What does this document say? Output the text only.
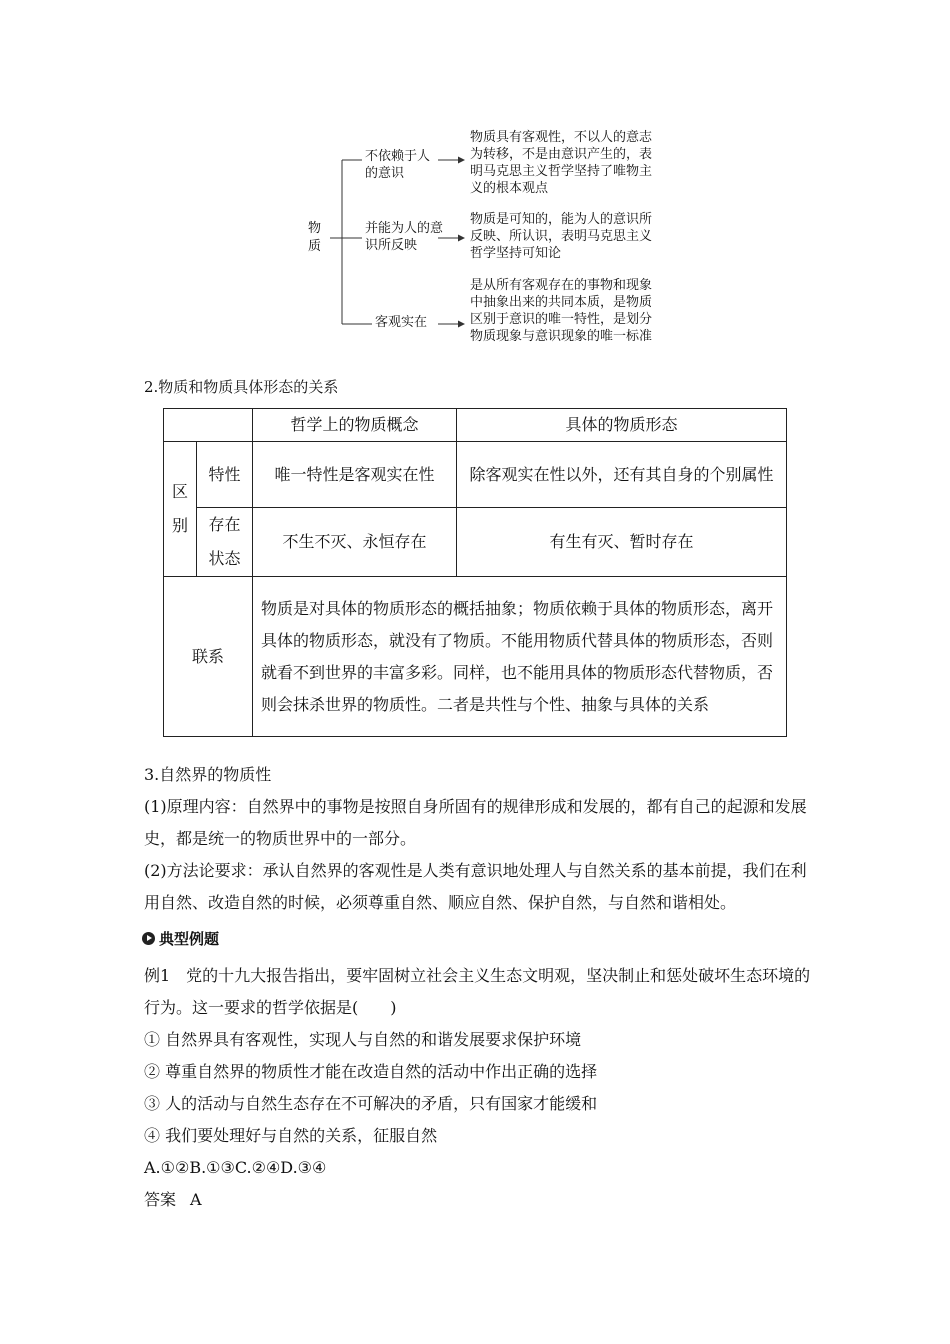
物质
不依赖于人的意识
并能为人的意识所反映
客观实在
物质具有客观性，不以人的意志为转移，不是由意识产生的，表明马克思主义哲学坚持了唯物主义的根本观点
物质是可知的，能为人的意识所反映、所认识，表明马克思主义哲学坚持可知论
是从所有客观存在的事物和现象中抽象出来的共同本质，是物质区别于意识的唯一特性，是划分物质现象与意识现象的唯一标准
2.物质和物质具体形态的关系
		哲学上的物质概念	具体的物质形态
区别	特性	唯一特性是客观实在性	除客观实在性以外，还有其自身的个别属性
	存在状态	不生不灭、永恒存在	有生有灭、暂时存在
联系		物质是对具体的物质形态的概括抽象；物质依赖于具体的物质形态，离开具体的物质形态，就没有了物质。不能用物质代替具体的物质形态，否则就看不到世界的丰富多彩。同样，也不能用具体的物质形态代替物质，否则会抹杀世界的物质性。二者是共性与个性、抽象与具体的关系	
3.自然界的物质性
(1)原理内容：自然界中的事物是按照自身所固有的规律形成和发展的，都有自己的起源和发展史，都是统一的物质世界中的一部分。
(2)方法论要求：承认自然界的客观性是人类有意识地处理人与自然关系的基本前提，我们在利用自然、改造自然的时候，必须尊重自然、顺应自然、保护自然，与自然和谐相处。
典型例题
例1　党的十九大报告指出，要牢固树立社会主义生态文明观，坚决制止和惩处破坏生态环境的行为。这一要求的哲学依据是(　　)
① 自然界具有客观性，实现人与自然的和谐发展要求保护环境
② 尊重自然界的物质性才能在改造自然的活动中作出正确的选择
③ 人的活动与自然生态存在不可解决的矛盾，只有国家才能缓和
④ 我们要处理好与自然的关系，征服自然
A.①②B.①③C.②④D.③④
答案 A
